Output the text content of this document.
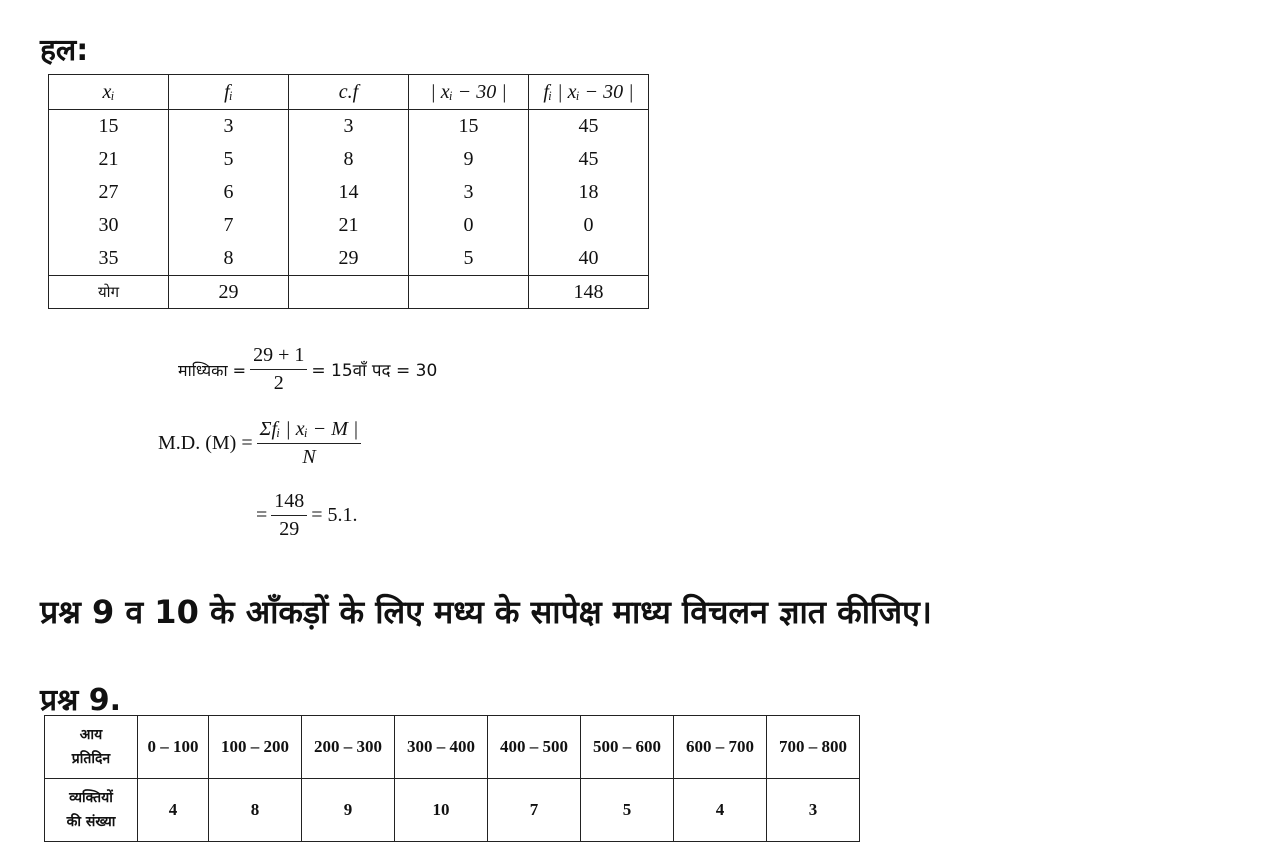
हल:
xᵢ	fᵢ	c.f	| xᵢ − 30 |	fᵢ | xᵢ − 30 |
15	3	3	15	45
21	5	8	9	45
27	6	14	3	18
30	7	21	0	0
35	8	29	5	40
योग	29			148
माध्यिका = $\frac{29 + 1}{2}$ = 15वाँ पद = 30
M.D. $(M) = \frac{\text{Σfᵢ | xᵢ − M |}}{N}$
= $\frac{148}{29} = 5.1$.
प्रश्न 9 व 10 के आँकड़ों के लिए मध्य के सापेक्ष माध्य विचलन ज्ञात कीजिए।
प्रश्न 9.
आय
प्रतिदिन	0 – 100	100 – 200	200 – 300	300 – 400	400 – 500	500 – 600	600 – 700	700 – 800

व्यक्तियों
की संख्या	4	8	9	10	7	5	4	3
